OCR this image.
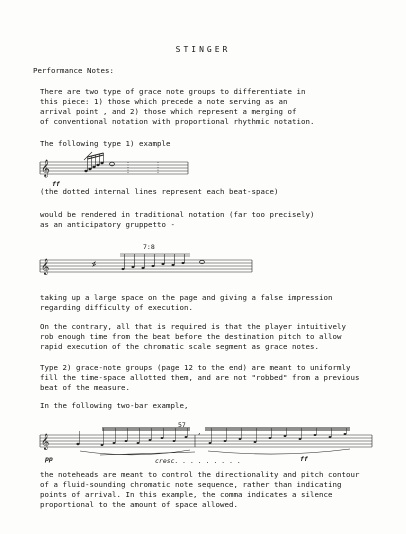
STINGER
Performance Notes:
There are two type of grace note groups to differentiate in
this piece: 1) those which precede a note serving as an
arrival point , and 2) those which represent a merging of
of conventional notation with proportional rhythmic notation.
The following type 1) example
𝄞
ff
(the dotted internal lines represent each beat-space)
would be rendered in traditional notation (far too precisely)
as an anticipatory gruppetto -
7:8
𝄞
taking up a large space on the page and giving a false impression
regarding difficulty of execution.
On the contrary, all that is required is that the player intuitively
rob enough time from the beat before the destination pitch to allow
rapid execution of the chromatic scale segment as grace notes.
Type 2) grace-note groups (page 12 to the end) are meant to uniformly
fill the time-space allotted them, and are not "robbed" from a previous
beat of the measure.
In the following two-bar example,
57
𝄞
,
pp	cresc. . . . . . . . .	ff
the noteheads are meant to control the directionality and pitch contour
of a fluid-sounding chromatic note sequence, rather than indicating
points of arrival. In this example, the comma indicates a silence
proportional to the amount of space allowed.
